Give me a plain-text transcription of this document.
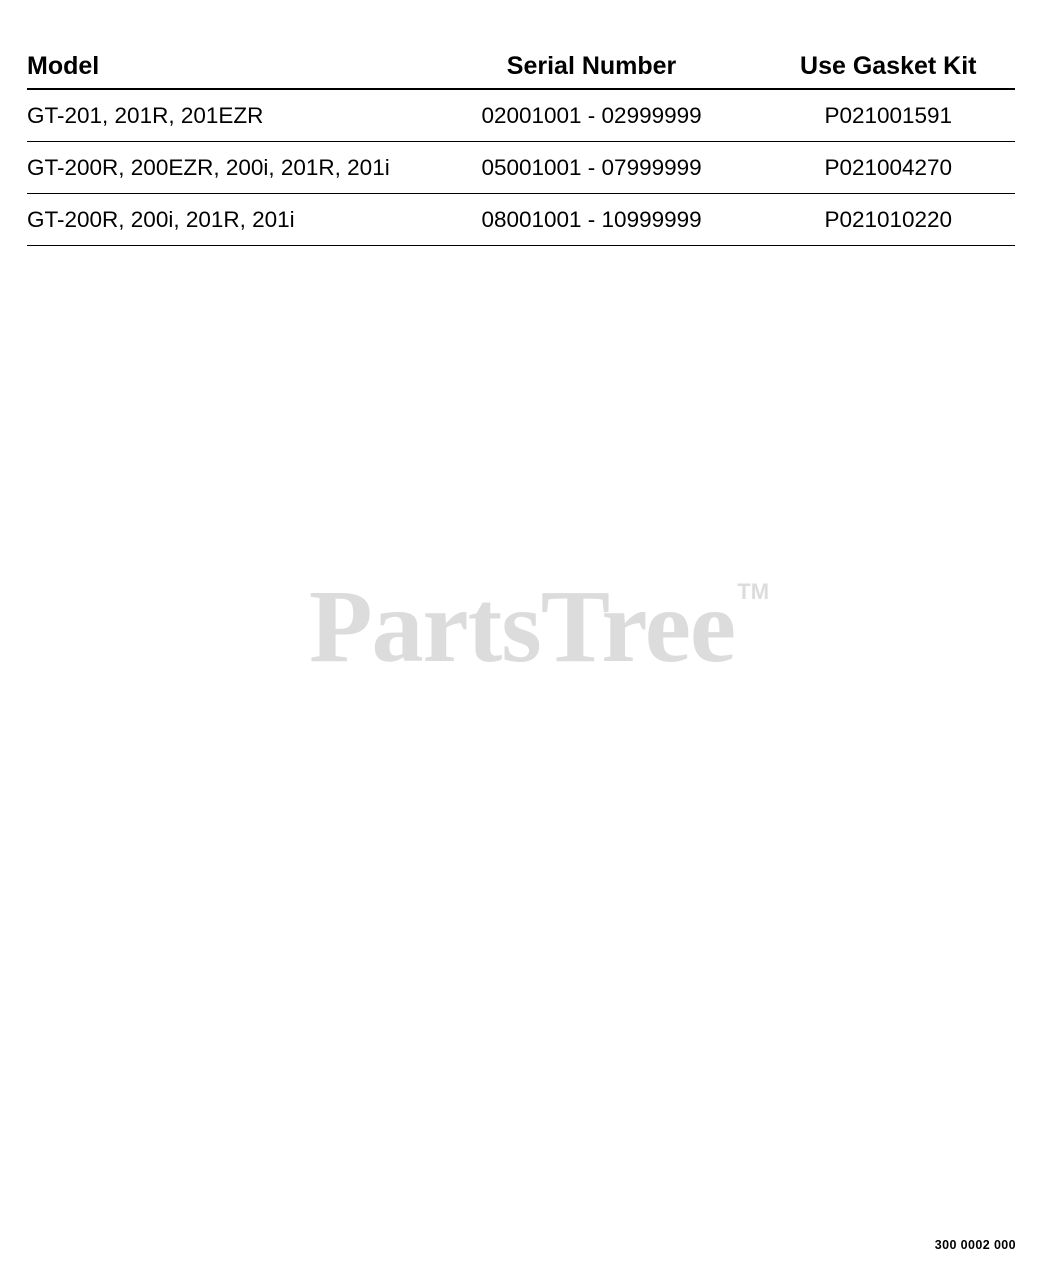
Model	Serial Number	Use Gasket Kit
GT-201, 201R, 201EZR	02001001 - 02999999	P021001591
GT-200R, 200EZR, 200i, 201R, 201i	05001001 - 07999999	P021004270
GT-200R, 200i, 201R, 201i	08001001 - 10999999	P021010220
PartsTree TM
300 0002 000
